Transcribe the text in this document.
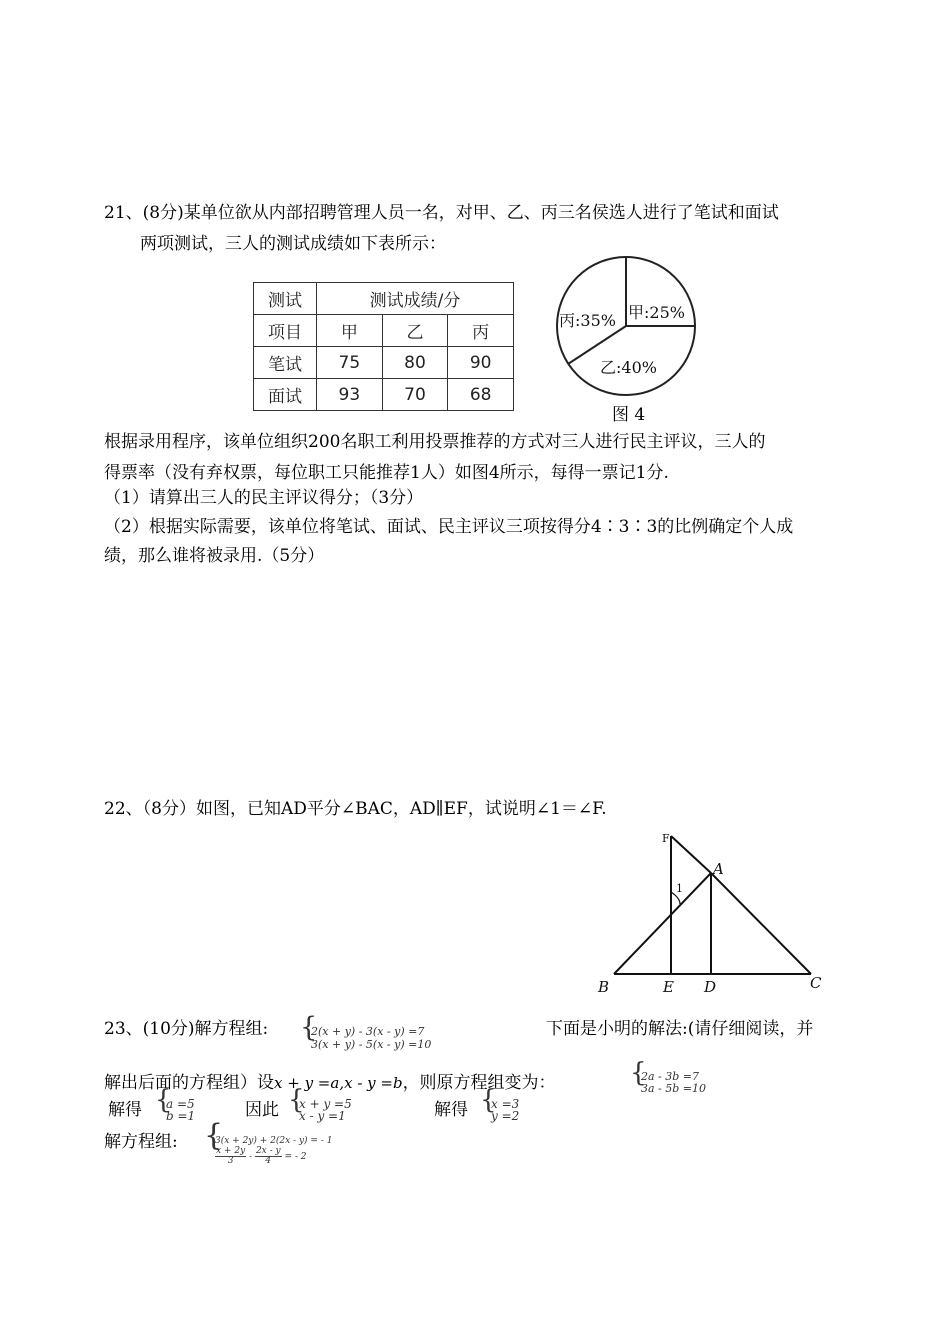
21、(8分)某单位欲从内部招聘管理人员一名，对甲、乙、丙三名侯选人进行了笔试和面试
两项测试，三人的测试成绩如下表所示：
测试	测试成绩/分		
项目	甲	乙	丙
笔试	75	80	90
面试	93	70	68
甲:25%
丙:35%
乙:40%
图 4
根据录用程序，该单位组织200名职工利用投票推荐的方式对三人进行民主评议，三人的
得票率（没有弃权票，每位职工只能推荐1人）如图4所示，每得一票记1分.
（1）请算出三人的民主评议得分；（3分）
（2）根据实际需要，该单位将笔试、面试、民主评议三项按得分4∶3∶3的比例确定个人成
绩，那么谁将被录用.（5分）
22、（8分）如图，已知AD平分∠BAC，AD∥EF，试说明∠1＝∠F.
F
A
1
B	E D	C
23、(10分)解方程组: {
2(x + y) - 3(x - y) =7
3(x + y) - 5(x - y) =10
下面是小明的解法:(请仔细阅读，并
解出后面的方程组）设x + y =a,x - y =b，则原方程组变为：	{
2a - 3b =7
3a - 5b =10
解得 {
a =5
b =1	因此 {
x + y =5
x - y =1	解得 {
x =3
y =2
解方程组: {
3(x + 2y) + 2(2x - y) = - 1
$\frac{x + 2y}{3} - \frac{2x - y}{4}$ = - 2
